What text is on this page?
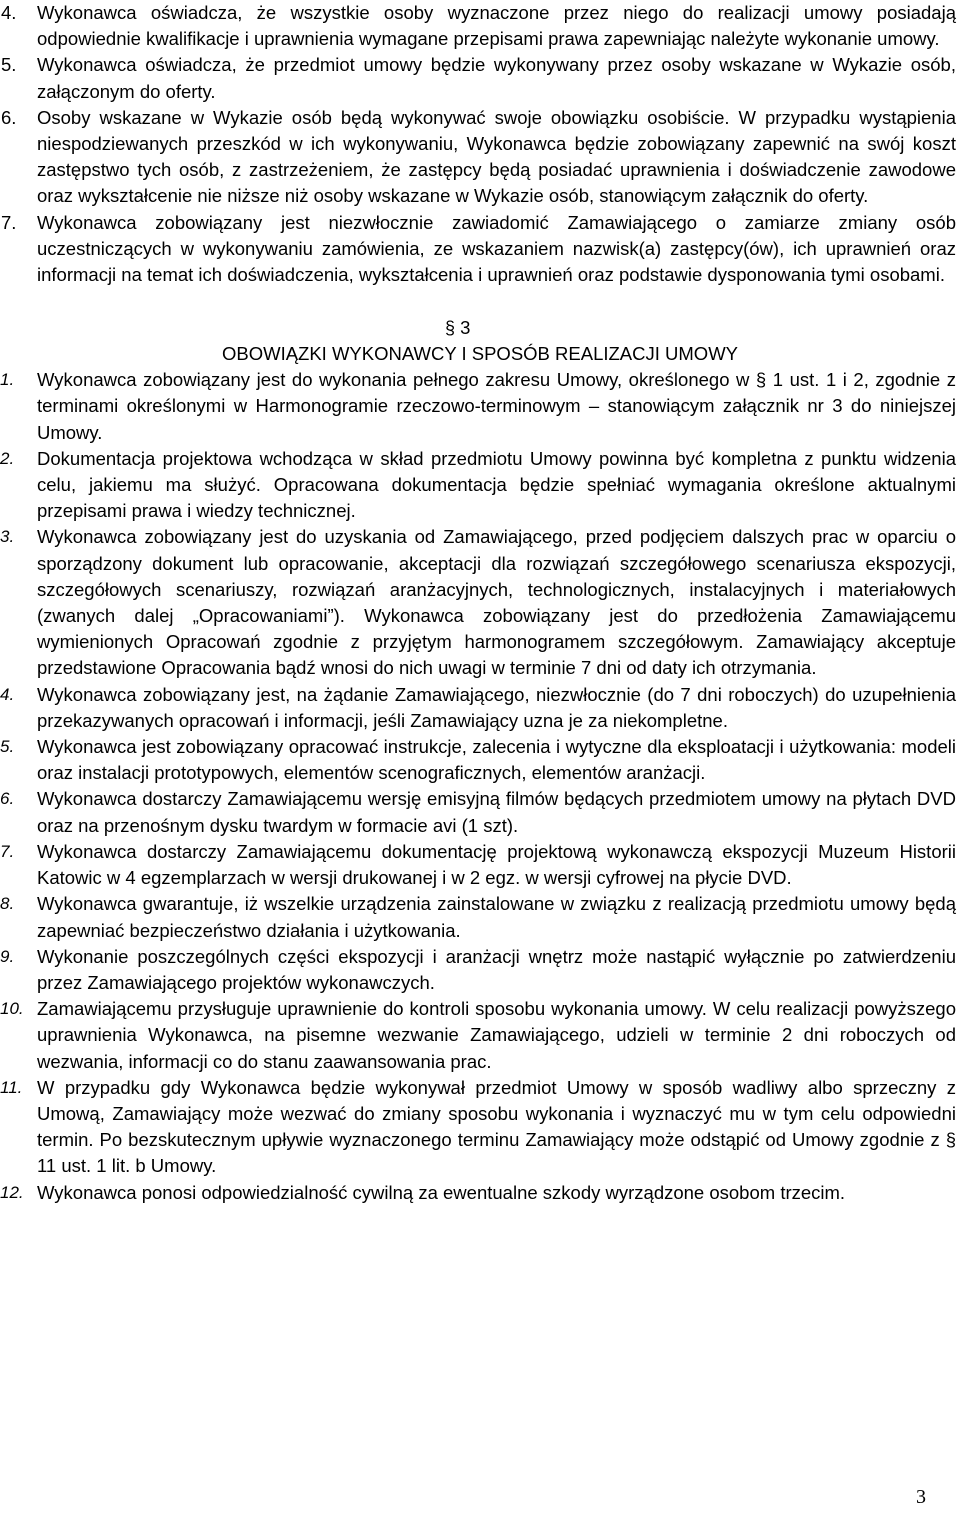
4. Wykonawca oświadcza, że wszystkie osoby wyznaczone przez niego do realizacji umowy posiadają odpowiednie kwalifikacje i uprawnienia wymagane przepisami prawa zapewniając należyte wykonanie umowy.
5. Wykonawca oświadcza, że przedmiot umowy będzie wykonywany przez osoby wskazane w Wykazie osób, załączonym do oferty.
6. Osoby wskazane w Wykazie osób będą wykonywać swoje obowiązku osobiście. W przypadku wystąpienia niespodziewanych przeszkód w ich wykonywaniu, Wykonawca będzie zobowiązany zapewnić na swój koszt zastępstwo tych osób, z zastrzeżeniem, że zastępcy będą posiadać uprawnienia i doświadczenie zawodowe oraz wykształcenie nie niższe niż osoby wskazane w Wykazie osób, stanowiącym załącznik do oferty.
7. Wykonawca zobowiązany jest niezwłocznie zawiadomić Zamawiającego o zamiarze zmiany osób uczestniczących w wykonywaniu zamówienia, ze wskazaniem nazwisk(a) zastępcy(ów), ich uprawnień oraz informacji na temat ich doświadczenia, wykształcenia i uprawnień oraz podstawie dysponowania tymi osobami.
§ 3
OBOWIĄZKI WYKONAWCY I SPOSÓB REALIZACJI UMOWY
1. Wykonawca zobowiązany jest do wykonania pełnego zakresu Umowy, określonego w § 1 ust. 1 i 2, zgodnie z terminami określonymi w Harmonogramie rzeczowo-terminowym – stanowiącym załącznik nr 3 do niniejszej Umowy.
2. Dokumentacja projektowa wchodząca w skład przedmiotu Umowy powinna być kompletna z punktu widzenia celu, jakiemu ma służyć. Opracowana dokumentacja będzie spełniać wymagania określone aktualnymi przepisami prawa i wiedzy technicznej.
3. Wykonawca zobowiązany jest do uzyskania od Zamawiającego, przed podjęciem dalszych prac w oparciu o sporządzony dokument lub opracowanie, akceptacji dla rozwiązań szczegółowego scenariusza ekspozycji, szczegółowych scenariuszy, rozwiązań aranżacyjnych, technologicznych, instalacyjnych i materiałowych (zwanych dalej „Opracowaniami”). Wykonawca zobowiązany jest do przedłożenia Zamawiającemu wymienionych Opracowań zgodnie z przyjętym harmonogramem szczegółowym. Zamawiający akceptuje przedstawione Opracowania bądź wnosi do nich uwagi w terminie 7 dni od daty ich otrzymania.
4. Wykonawca zobowiązany jest, na żądanie Zamawiającego, niezwłocznie (do 7 dni roboczych) do uzupełnienia przekazywanych opracowań i informacji, jeśli Zamawiający uzna je za niekompletne.
5. Wykonawca jest zobowiązany opracować instrukcje, zalecenia i wytyczne dla eksploatacji i użytkowania: modeli oraz instalacji prototypowych, elementów scenograficznych, elementów aranżacji.
6. Wykonawca dostarczy Zamawiającemu wersję emisyjną filmów będących przedmiotem umowy na płytach DVD oraz na przenośnym dysku twardym w formacie avi (1 szt).
7. Wykonawca dostarczy Zamawiającemu dokumentację projektową wykonawczą ekspozycji Muzeum Historii Katowic w 4 egzemplarzach w wersji drukowanej i w 2 egz. w wersji cyfrowej na płycie DVD.
8. Wykonawca gwarantuje, iż wszelkie urządzenia zainstalowane w związku z realizacją przedmiotu umowy będą zapewniać bezpieczeństwo działania i użytkowania.
9. Wykonanie poszczególnych części ekspozycji i aranżacji wnętrz może nastąpić wyłącznie po zatwierdzeniu przez Zamawiającego projektów wykonawczych.
10. Zamawiającemu przysługuje uprawnienie do kontroli sposobu wykonania umowy. W celu realizacji powyższego uprawnienia Wykonawca, na pisemne wezwanie Zamawiającego, udzieli w terminie 2 dni roboczych od wezwania, informacji co do stanu zaawansowania prac.
11. W przypadku gdy Wykonawca będzie wykonywał przedmiot Umowy w sposób wadliwy albo sprzeczny z Umową, Zamawiający może wezwać do zmiany sposobu wykonania i wyznaczyć mu w tym celu odpowiedni termin. Po bezskutecznym upływie wyznaczonego terminu Zamawiający może odstąpić od Umowy zgodnie z § 11 ust. 1 lit. b Umowy.
12. Wykonawca ponosi odpowiedzialność cywilną za ewentualne szkody wyrządzone osobom trzecim.
3
